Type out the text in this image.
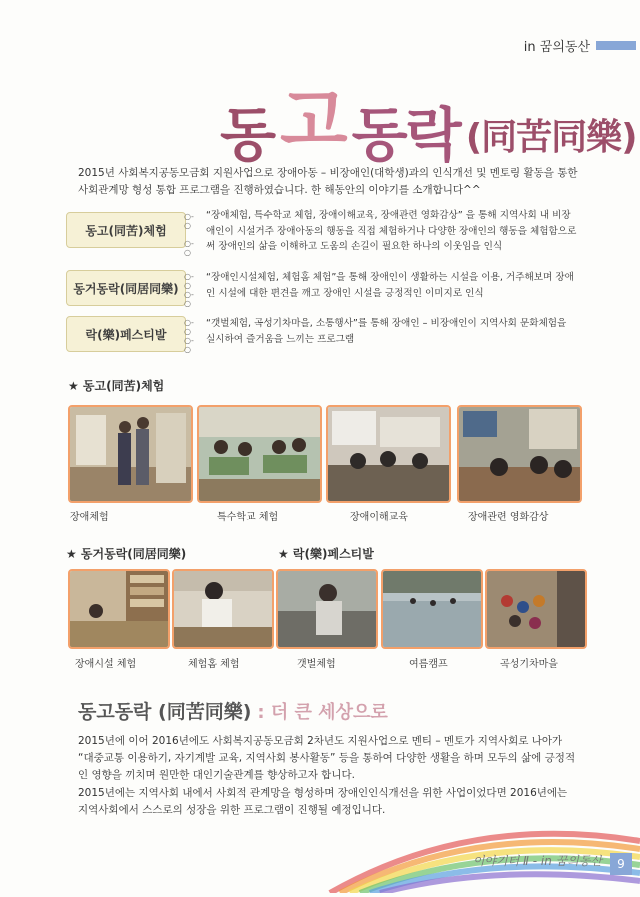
in 꿈의동산
동 고 동락 (同苦同樂)
2015년 사회복지공동모금회 지원사업으로 장애아동 – 비장애인(대학생)과의 인식개선 및 멘토링 활동을 통한 사회관계망 형성 통합 프로그램을 진행하였습니다. 한 해동안의 이야기를 소개합니다^^
동고(同苦)체험
○-○

○-○
“장애체험, 특수학교 체험, 장애이해교육, 장애관련 영화감상” 을 통해 지역사회 내 비장애인이 시설거주 장애아동의 행동을 직접 체험하거나 다양한 장애인의 행동을 체험함으로써 장애인의 삶을 이해하고 도움의 손길이 필요한 하나의 이웃임을 인식
동거동락(同居同樂)
○-○
○-○
“장애인시설체험, 체험홈 체험”을 통해 장애인이 생활하는 시설을 이용, 거주해보며 장애인 시설에 대한 편견을 깨고 장애인 시설을 긍정적인 이미지로 인식
락(樂)페스티발
○-○
○-○
“갯벌체험, 곡성기차마을, 소통행사”를 통해 장애인 – 비장애인이 지역사회 문화체험을 실시하여 즐거움을 느끼는 프로그램
★ 동고(同苦)체험
장애체험	특수학교 체험	장애이해교육	장애관련 영화감상
★ 동거동락(同居同樂)	★ 락(樂)페스티발
장애시설 체험	체험홈 체험	갯벌체험	여름캠프	곡성기차마을
동고동락 (同苦同樂) : 더 큰 세상으로
2015년에 이어 2016년에도 사회복지공동모금회 2차년도 지원사업으로 멘티 – 멘토가 지역사회로 나아가 “대중교통 이용하기, 자기계발 교육, 지역사회 봉사활동” 등을 통하여 다양한 생활을 하며 모두의 삶에 긍정적인 영향을 끼치며 원만한 대인기술관계를 향상하고자 합니다.
2015년에는 지역사회 내에서 사회적 관계망을 형성하며 장애인인식개선을 위한 사업이었다면 2016년에는 지역사회에서 스스로의 성장을 위한 프로그램이 진행될 예정입니다.
이야기터 Ⅱ - in 꿈의동산	9
